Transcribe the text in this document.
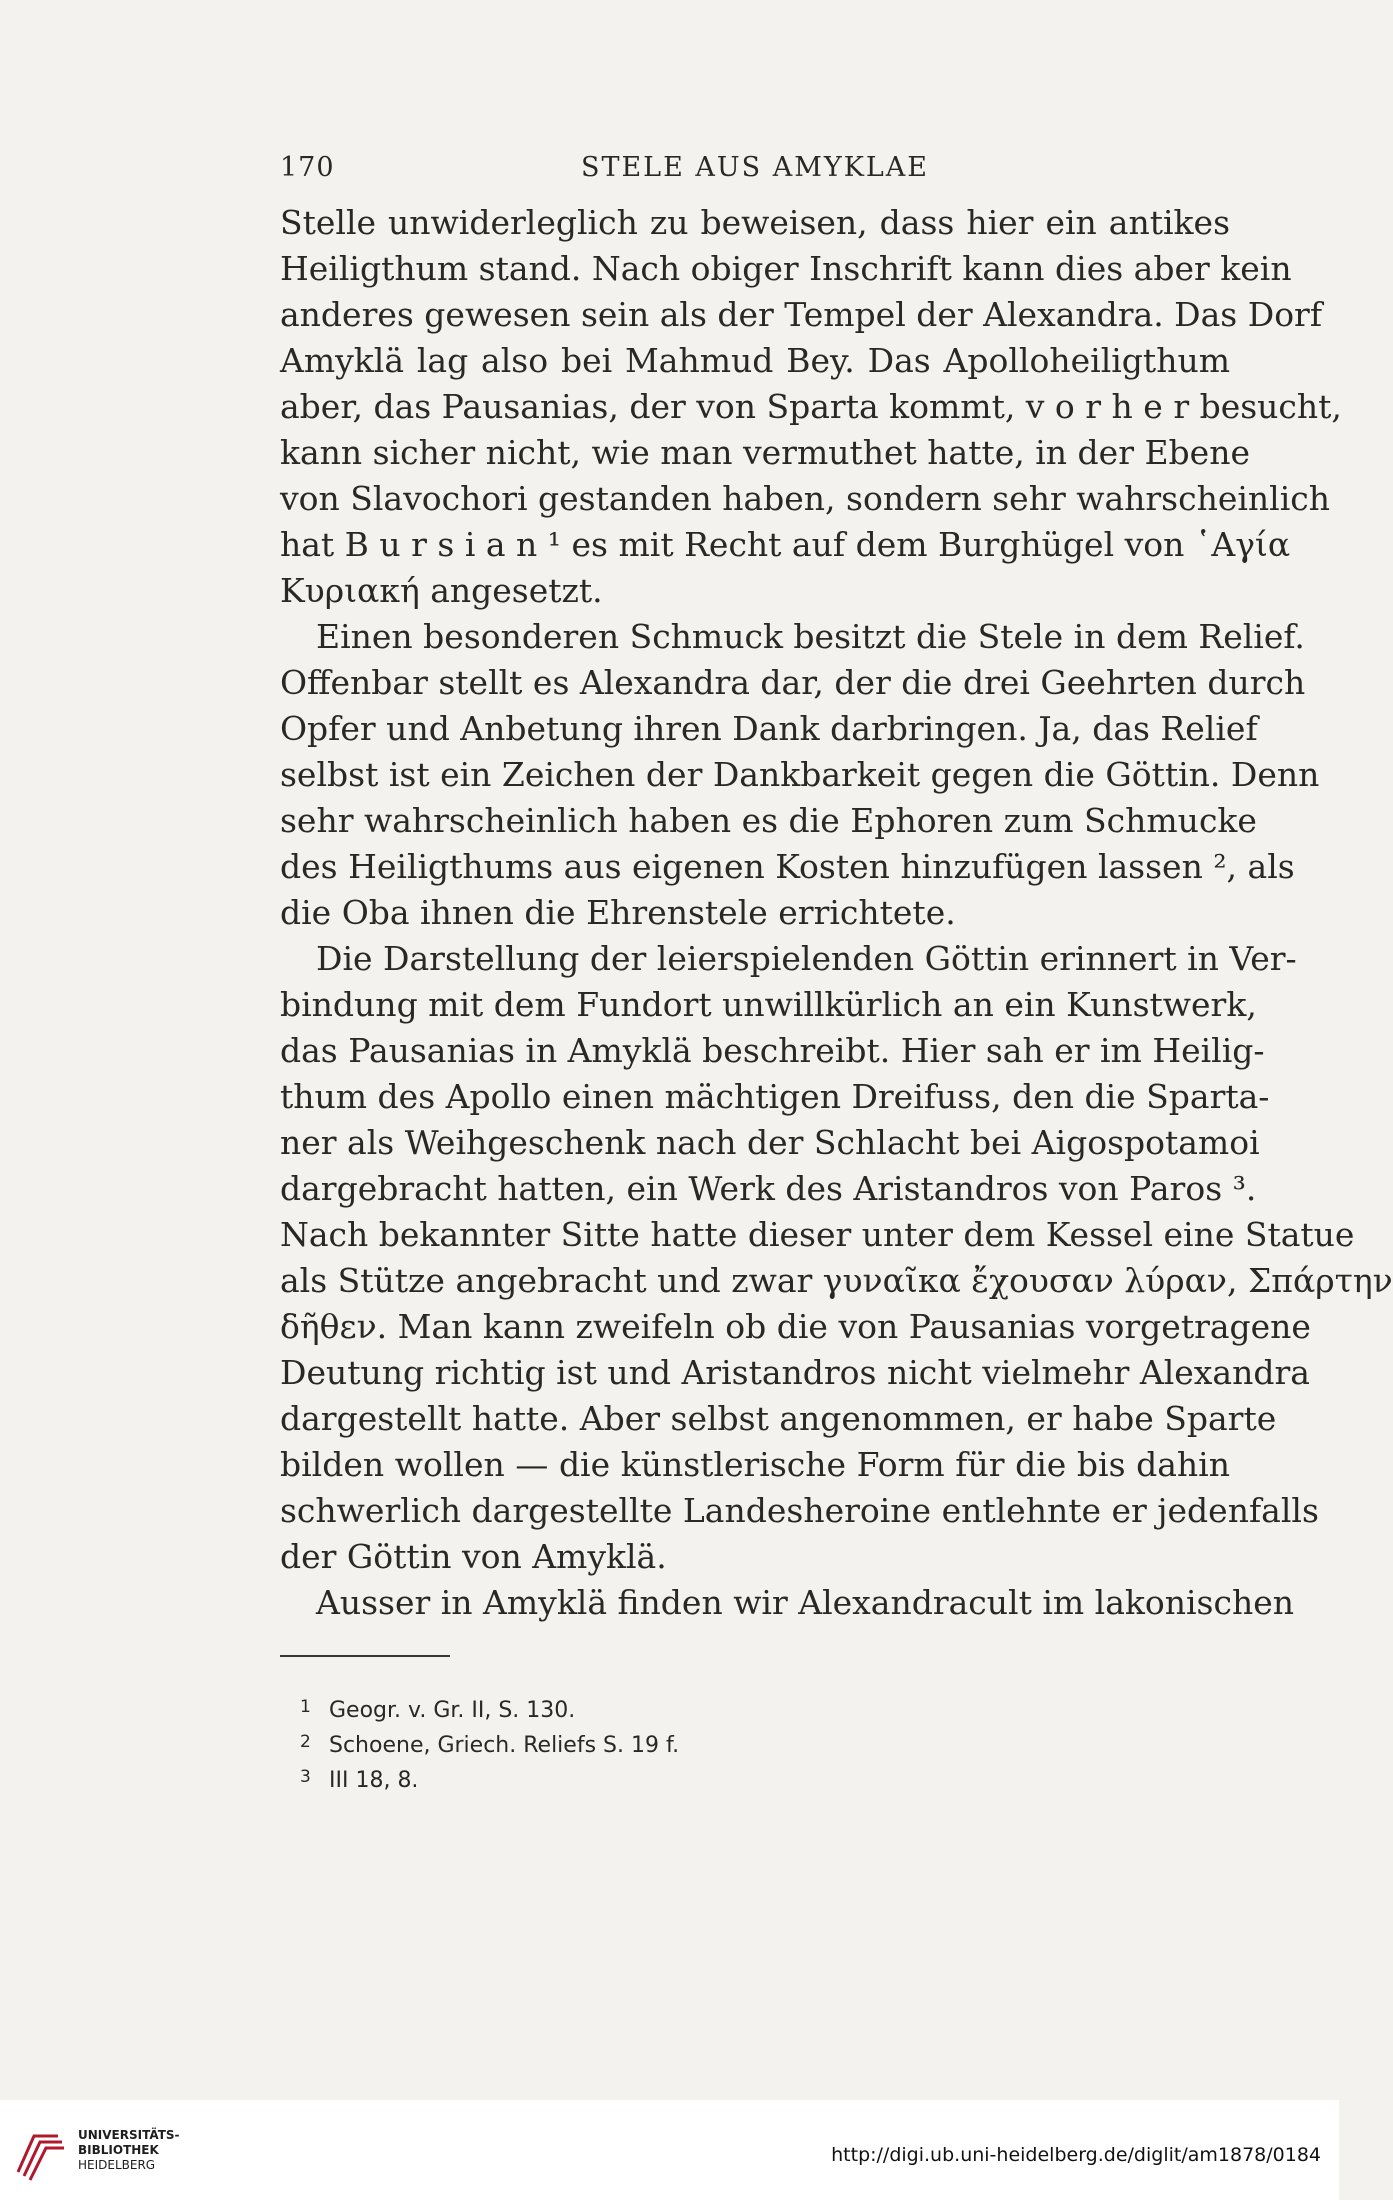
170	STELE AUS AMYKLAE
Stelle unwiderleglich zu beweisen, dass hier ein antikes
Heiligthum stand. Nach obiger Inschrift kann dies aber kein
anderes gewesen sein als der Tempel der Alexandra. Das Dorf
Amyklä lag also bei Mahmud Bey. Das Apolloheiligthum
aber, das Pausanias, der von Sparta kommt, v o r h e r besucht,
kann sicher nicht, wie man vermuthet hatte, in der Ebene
von Slavochori gestanden haben, sondern sehr wahrscheinlich
hat B u r s i a n ¹ es mit Recht auf dem Burghügel von ῾Αγία
Κυριακή angesetzt.
Einen besonderen Schmuck besitzt die Stele in dem Relief.
Offenbar stellt es Alexandra dar, der die drei Geehrten durch
Opfer und Anbetung ihren Dank darbringen. Ja, das Relief
selbst ist ein Zeichen der Dankbarkeit gegen die Göttin. Denn
sehr wahrscheinlich haben es die Ephoren zum Schmucke
des Heiligthums aus eigenen Kosten hinzufügen lassen ², als
die Oba ihnen die Ehrenstele errichtete.
Die Darstellung der leierspielenden Göttin erinnert in Ver-
bindung mit dem Fundort unwillkürlich an ein Kunstwerk,
das Pausanias in Amyklä beschreibt. Hier sah er im Heilig-
thum des Apollo einen mächtigen Dreifuss, den die Sparta-
ner als Weihgeschenk nach der Schlacht bei Aigospotamoi
dargebracht hatten, ein Werk des Aristandros von Paros ³.
Nach bekannter Sitte hatte dieser unter dem Kessel eine Statue
als Stütze angebracht und zwar γυναῖκα ἔχουσαν λύραν, Σπάρτην
δῆθεν. Man kann zweifeln ob die von Pausanias vorgetragene
Deutung richtig ist und Aristandros nicht vielmehr Alexandra
dargestellt hatte. Aber selbst angenommen, er habe Sparte
bilden wollen — die künstlerische Form für die bis dahin
schwerlich dargestellte Landesheroine entlehnte er jedenfalls
der Göttin von Amyklä.
Ausser in Amyklä finden wir Alexandracult im lakonischen
1 Geogr. v. Gr. II, S. 130.
2 Schoene, Griech. Reliefs S. 19 f.
3 III 18, 8.
UNIVERSITÄTS-
BIBLIOTHEK
HEIDELBERG	http://digi.ub.uni-heidelberg.de/diglit/am1878/0184
